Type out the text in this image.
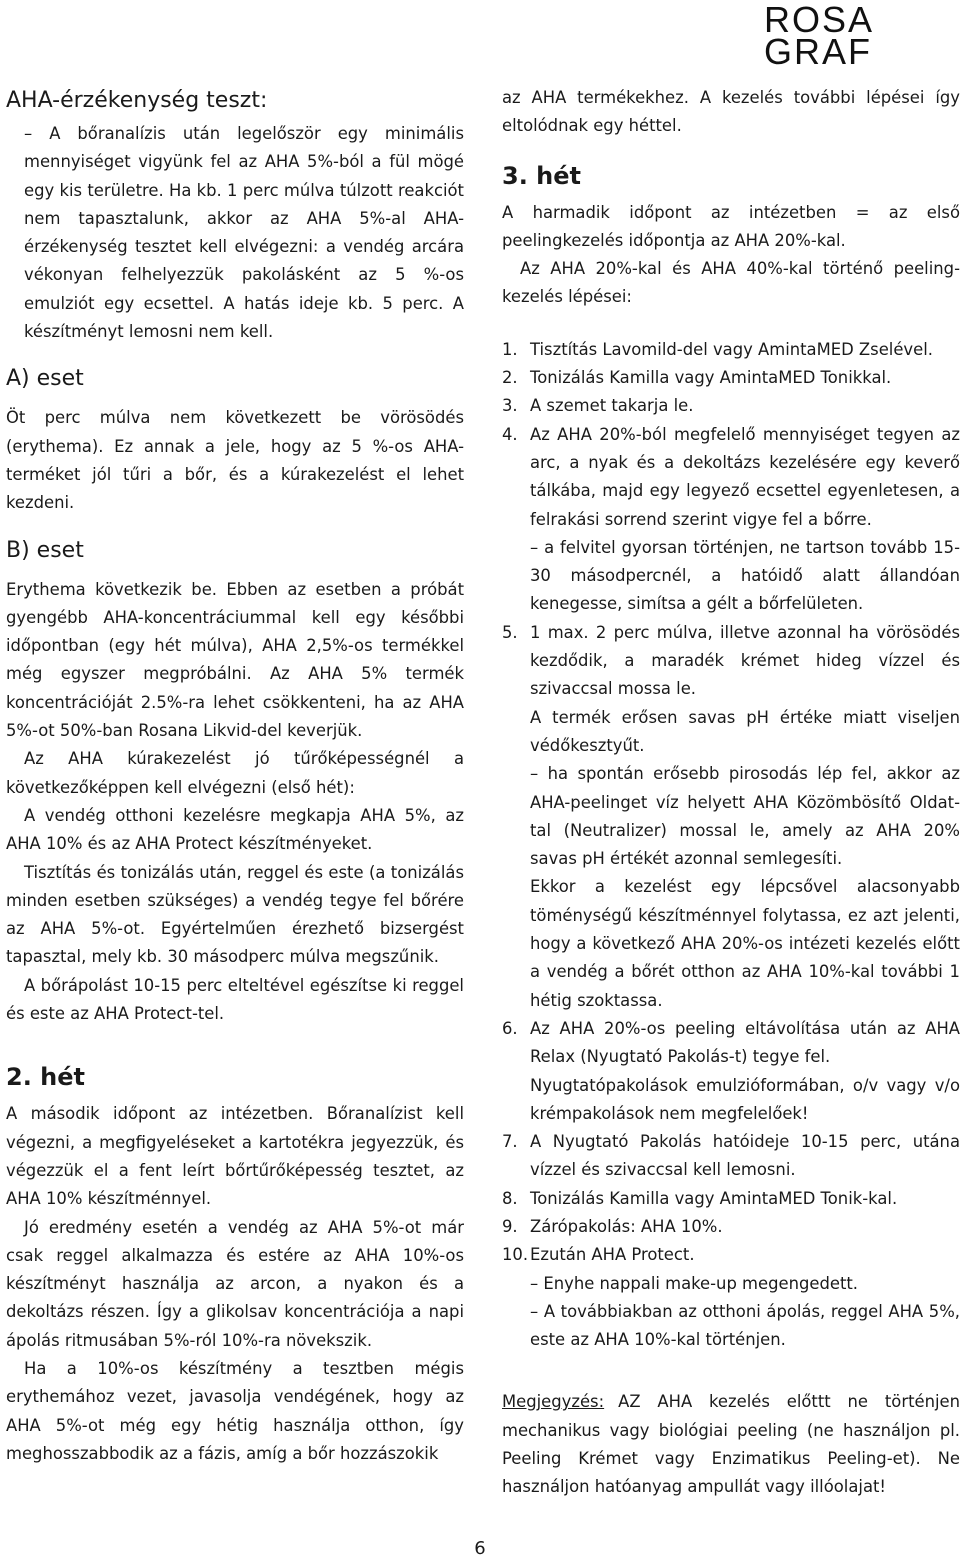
ROSA
GRAF
AHA-érzékenység teszt:

– A bőranalízis után legelőször egy minimális mennyiséget vigyünk fel az AHA 5%-ból a fül mögé egy kis területre. Ha kb. 1 perc múlva túlzott reakciót nem tapasztalunk, akkor az AHA 5%-al AHA-érzékenység tesztet kell elvégezni: a vendég arcára vékonyan felhelyezzük pakolásként az 5 %-os emulziót egy ecsettel. A hatás ideje kb. 5 perc. A készítményt lemosni nem kell.

A) eset

Öt perc múlva nem következett be vörösödés (erythema). Ez annak a jele, hogy az 5 %-os AHA-terméket jól tűri a bőr, és a kúrakezelést el lehet kezdeni.

B) eset

Erythema következik be. Ebben az esetben a próbát gyengébb AHA-koncentráciummal kell egy későbbi időpontban (egy hét múlva), AHA 2,5%-os termékkel még egyszer megpróbálni. Az AHA 5% termék koncentrációját 2.5%-ra lehet csökkenteni, ha az AHA 5%-ot 50%-ban Rosana Likvid-del keverjük.

Az AHA kúrakezelést jó tűrőképességnél a következőképpen kell elvégezni (első hét):

A vendég otthoni kezelésre megkapja AHA 5%, az AHA 10% és az AHA Protect készítményeket.

Tisztítás és tonizálás után, reggel és este (a tonizálás minden esetben szükséges) a vendég tegye fel bőrére az AHA 5%-ot. Egyértelműen érezhető bizsergést tapasztal, mely kb. 30 másodperc múlva megszűnik.

A bőrápolást 10-15 perc elteltével egészítse ki reggel és este az AHA Protect-tel.

2. hét

A második időpont az intézetben. Bőranalízist kell végezni, a megfigyeléseket a kartotékra jegyezzük, és végezzük el a fent leírt bőrtűrőképesség tesztet, az AHA 10% készítménnyel.

Jó eredmény esetén a vendég az AHA 5%-ot már csak reggel alkalmazza és estére az AHA 10%-os készítményt használja az arcon, a nyakon és a dekoltázs részen. Így a glikolsav koncentrációja a napi ápolás ritmusában 5%-ról 10%-ra növekszik.

Ha a 10%-os készítmény a tesztben mégis erythemához vezet, javasolja vendégének, hogy az AHA 5%-ot még egy hétig használja otthon, így meghosszabbodik az a fázis, amíg a bőr hozzászokik

az AHA termékekhez. A kezelés további lépései így eltolódnak egy héttel.

3. hét

A harmadik időpont az intézetben = az első peelingkezelés időpontja az AHA 20%-kal.

Az AHA 20%-kal és AHA 40%-kal történő peeling-kezelés lépései:

1. Tisztítás Lavomild-del vagy AmintaMED Zselével.
2. Tonizálás Kamilla vagy AmintaMED Tonikkal.
3. A szemet takarja le.
4. Az AHA 20%-ból megfelelő mennyiséget tegyen az arc, a nyak és a dekoltázs kezelésére egy keverő tálkába, majd egy legyező ecsettel egyenletesen, a felrakási sorrend szerint vigye fel a bőrre.
– a felvitel gyorsan történjen, ne tartson tovább 15-30 másodpercnél, a hatóidő alatt állandóan kenegesse, simítsa a gélt a bőrfelületen.
5. 1 max. 2 perc múlva, illetve azonnal ha vörösödés kezdődik, a maradék krémet hideg vízzel és szivaccsal mossa le.
A termék erősen savas pH értéke miatt viseljen védőkesztyűt.
– ha spontán erősebb pirosodás lép fel, akkor az AHA-peelinget víz helyett AHA Közömbösítő Oldat-tal (Neutralizer) mossal le, amely az AHA 20% savas pH értékét azonnal semlegesíti.
Ekkor a kezelést egy lépcsővel alacsonyabb töménységű készítménnyel folytassa, ez azt jelenti, hogy a következő AHA 20%-os intézeti kezelés előtt a vendég a bőrét otthon az AHA 10%-kal további 1 hétig szoktassa.
6. Az AHA 20%-os peeling eltávolítása után az AHA Relax (Nyugtató Pakolás-t) tegye fel.
Nyugtatópakolások emulzióformában, o/v vagy v/o krémpakolások nem megfelelőek!
7. A Nyugtató Pakolás hatóideje 10-15 perc, utána vízzel és szivaccsal kell lemosni.
8. Tonizálás Kamilla vagy AmintaMED Tonik-kal.
9. Zárópakolás: AHA 10%.
10. Ezután AHA Protect.
– Enyhe nappali make-up megengedett.
– A továbbiakban az otthoni ápolás, reggel AHA 5%, este az AHA 10%-kal történjen.

Megjegyzés: AZ AHA kezelés előttt ne történjen mechanikus vagy biológiai peeling (ne használjon pl. Peeling Krémet vagy Enzimatikus Peeling-et). Ne használjon hatóanyag ampullát vagy illóolajat!

6
